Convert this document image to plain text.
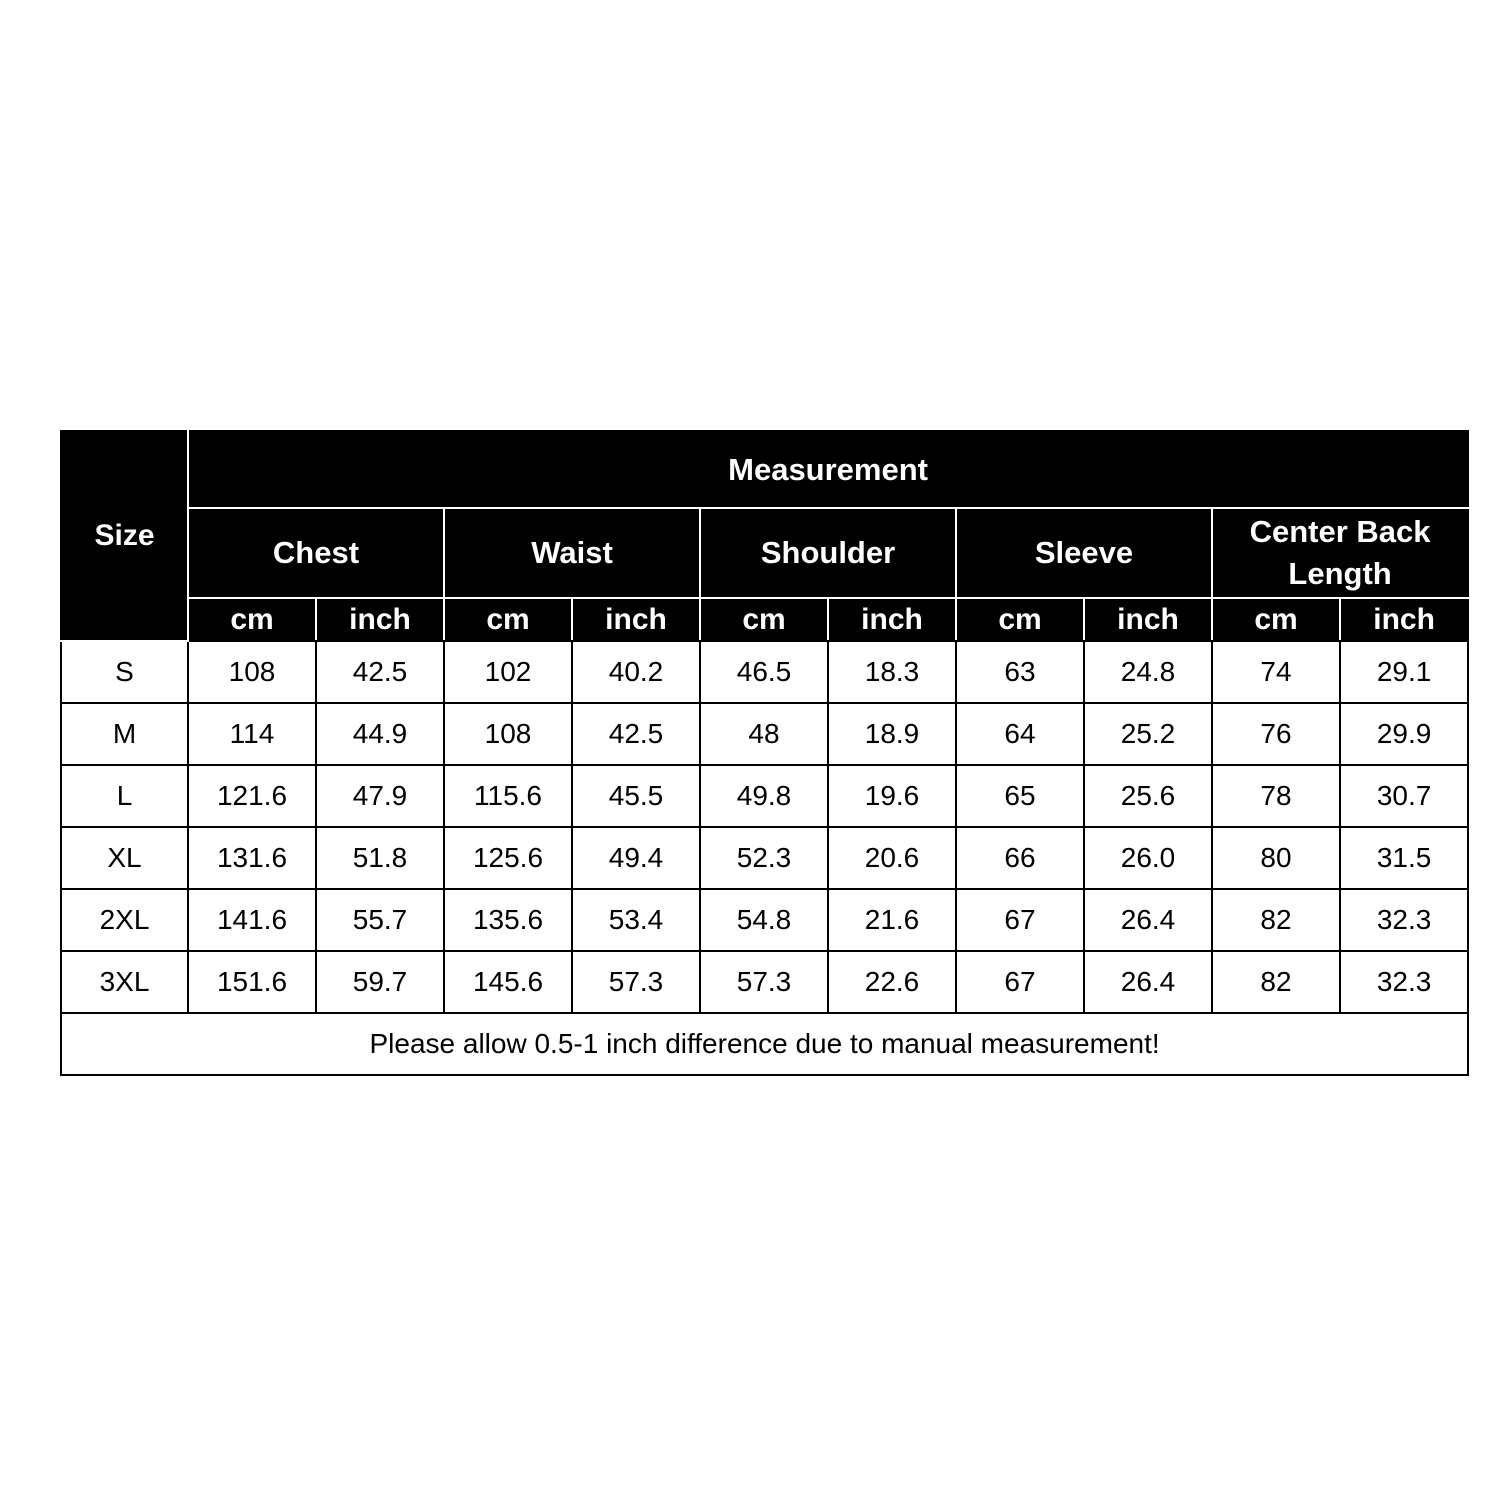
Size	Measurement									
	Chest		Waist		Shoulder		Sleeve		Center Back Length	
	cm	inch	cm	inch	cm	inch	cm	inch	cm	inch
S	108	42.5	102	40.2	46.5	18.3	63	24.8	74	29.1
M	114	44.9	108	42.5	48	18.9	64	25.2	76	29.9
L	121.6	47.9	115.6	45.5	49.8	19.6	65	25.6	78	30.7
XL	131.6	51.8	125.6	49.4	52.3	20.6	66	26.0	80	31.5
2XL	141.6	55.7	135.6	53.4	54.8	21.6	67	26.4	82	32.3
3XL	151.6	59.7	145.6	57.3	57.3	22.6	67	26.4	82	32.3
Please allow 0.5-1 inch difference due to manual measurement!										
